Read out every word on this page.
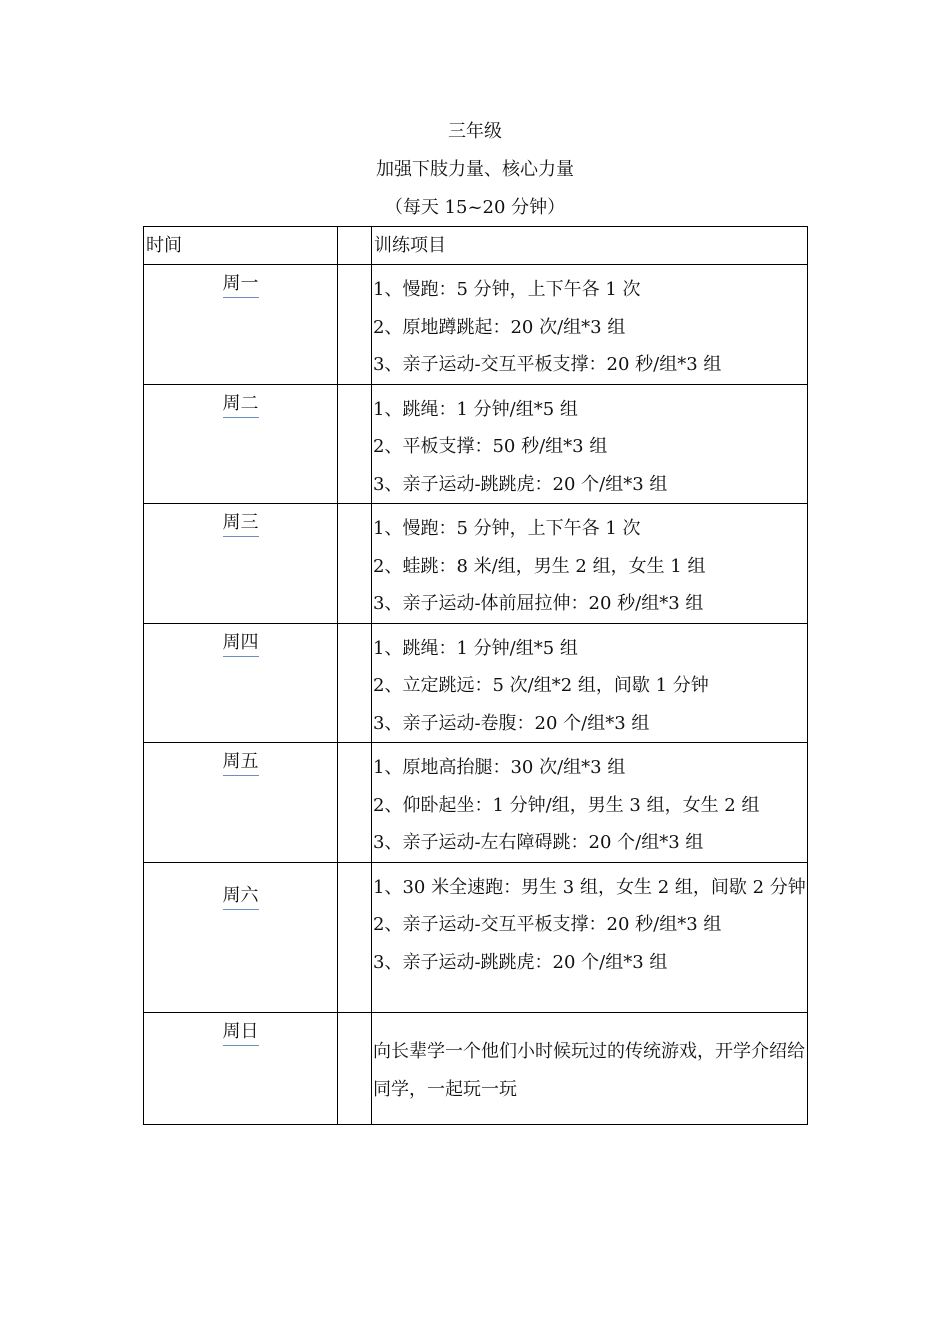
三年级
加强下肢力量、核心力量
（每天 15~20 分钟）
时间		训练项目
周一		1、慢跑：5 分钟，上下午各 1 次
2、原地蹲跳起：20 次/组*3 组
3、亲子运动-交互平板支撑：20 秒/组*3 组

周二		1、跳绳：1 分钟/组*5 组
2、平板支撑：50 秒/组*3 组
3、亲子运动-跳跳虎：20 个/组*3 组

周三		1、慢跑：5 分钟，上下午各 1 次
2、蛙跳：8 米/组，男生 2 组，女生 1 组
3、亲子运动-体前屈拉伸：20 秒/组*3 组

周四		1、跳绳：1 分钟/组*5 组
2、立定跳远：5 次/组*2 组，间歇 1 分钟
3、亲子运动-卷腹：20 个/组*3 组

周五		1、原地高抬腿：30 次/组*3 组
2、仰卧起坐：1 分钟/组，男生 3 组，女生 2 组
3、亲子运动-左右障碍跳：20 个/组*3 组

周六		1、30 米全速跑：男生 3 组，女生 2 组，间歇 2 分钟
2、亲子运动-交互平板支撑：20 秒/组*3 组
3、亲子运动-跳跳虎：20 个/组*3 组

周日		向长辈学一个他们小时候玩过的传统游戏，开学介绍给同学，一起玩一玩
